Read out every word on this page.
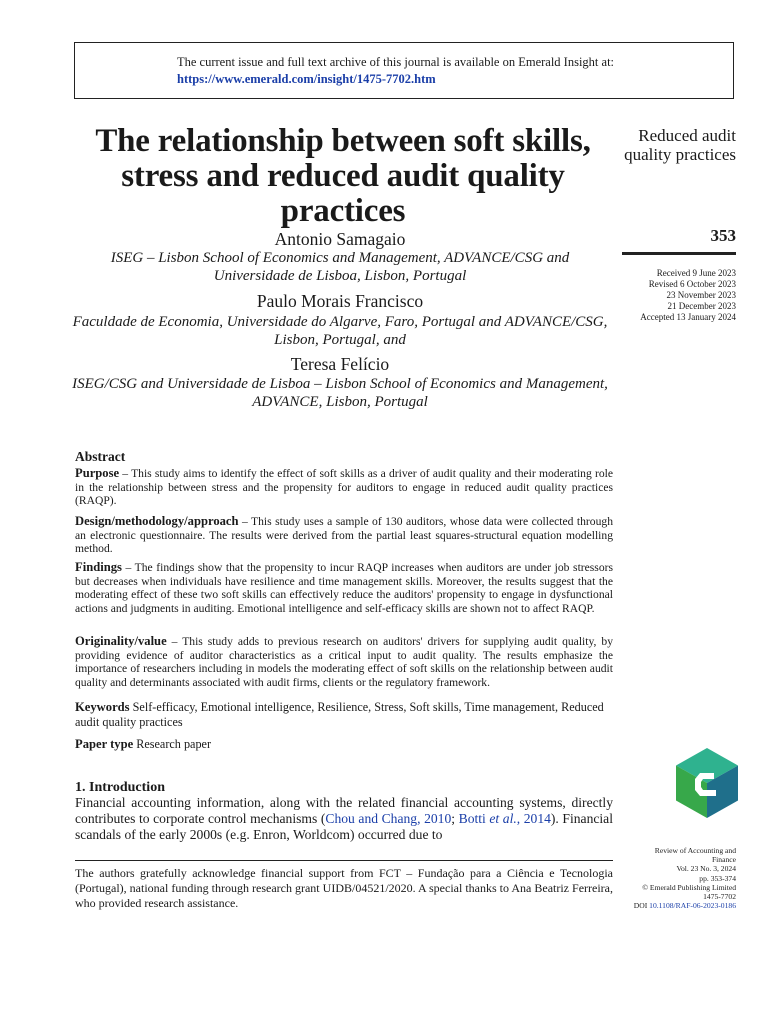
The current issue and full text archive of this journal is available on Emerald Insight at:
https://www.emerald.com/insight/1475-7702.htm
The relationship between soft skills, stress and reduced audit quality practices
Antonio Samagaio
ISEG – Lisbon School of Economics and Management, ADVANCE/CSG and Universidade de Lisboa, Lisbon, Portugal
Paulo Morais Francisco
Faculdade de Economia, Universidade do Algarve, Faro, Portugal and ADVANCE/CSG, Lisbon, Portugal, and
Teresa Felício
ISEG/CSG and Universidade de Lisboa – Lisbon School of Economics and Management, ADVANCE, Lisbon, Portugal
Reduced audit quality practices
353
Received 9 June 2023
Revised 6 October 2023
23 November 2023
21 December 2023
Accepted 13 January 2024
Abstract
Purpose – This study aims to identify the effect of soft skills as a driver of audit quality and their moderating role in the relationship between stress and the propensity for auditors to engage in reduced audit quality practices (RAQP).
Design/methodology/approach – This study uses a sample of 130 auditors, whose data were collected through an electronic questionnaire. The results were derived from the partial least squares-structural equation modelling method.
Findings – The findings show that the propensity to incur RAQP increases when auditors are under job stressors but decreases when individuals have resilience and time management skills. Moreover, the results suggest that the moderating effect of these two soft skills can effectively reduce the auditors' propensity to engage in dysfunctional actions and judgments in auditing. Emotional intelligence and self-efficacy skills are shown not to affect RAQP.
Originality/value – This study adds to previous research on auditors' drivers for supplying audit quality, by providing evidence of auditor characteristics as a critical input to audit quality. The results emphasize the importance of researchers including in models the moderating effect of soft skills on the relationship between audit quality and determinants associated with audit firms, clients or the regulatory framework.
Keywords Self-efficacy, Emotional intelligence, Resilience, Stress, Soft skills, Time management, Reduced audit quality practices
Paper type Research paper
1. Introduction
Financial accounting information, along with the related financial accounting systems, directly contributes to corporate control mechanisms (Chou and Chang, 2010; Botti et al., 2014). Financial scandals of the early 2000s (e.g. Enron, Worldcom) occurred due to
The authors gratefully acknowledge financial support from FCT – Fundação para a Ciência e Tecnologia (Portugal), national funding through research grant UIDB/04521/2020. A special thanks to Ana Beatriz Ferreira, who provided research assistance.
Review of Accounting and
Finance
Vol. 23 No. 3, 2024
pp. 353-374
© Emerald Publishing Limited
1475-7702
DOI 10.1108/RAF-06-2023-0186
